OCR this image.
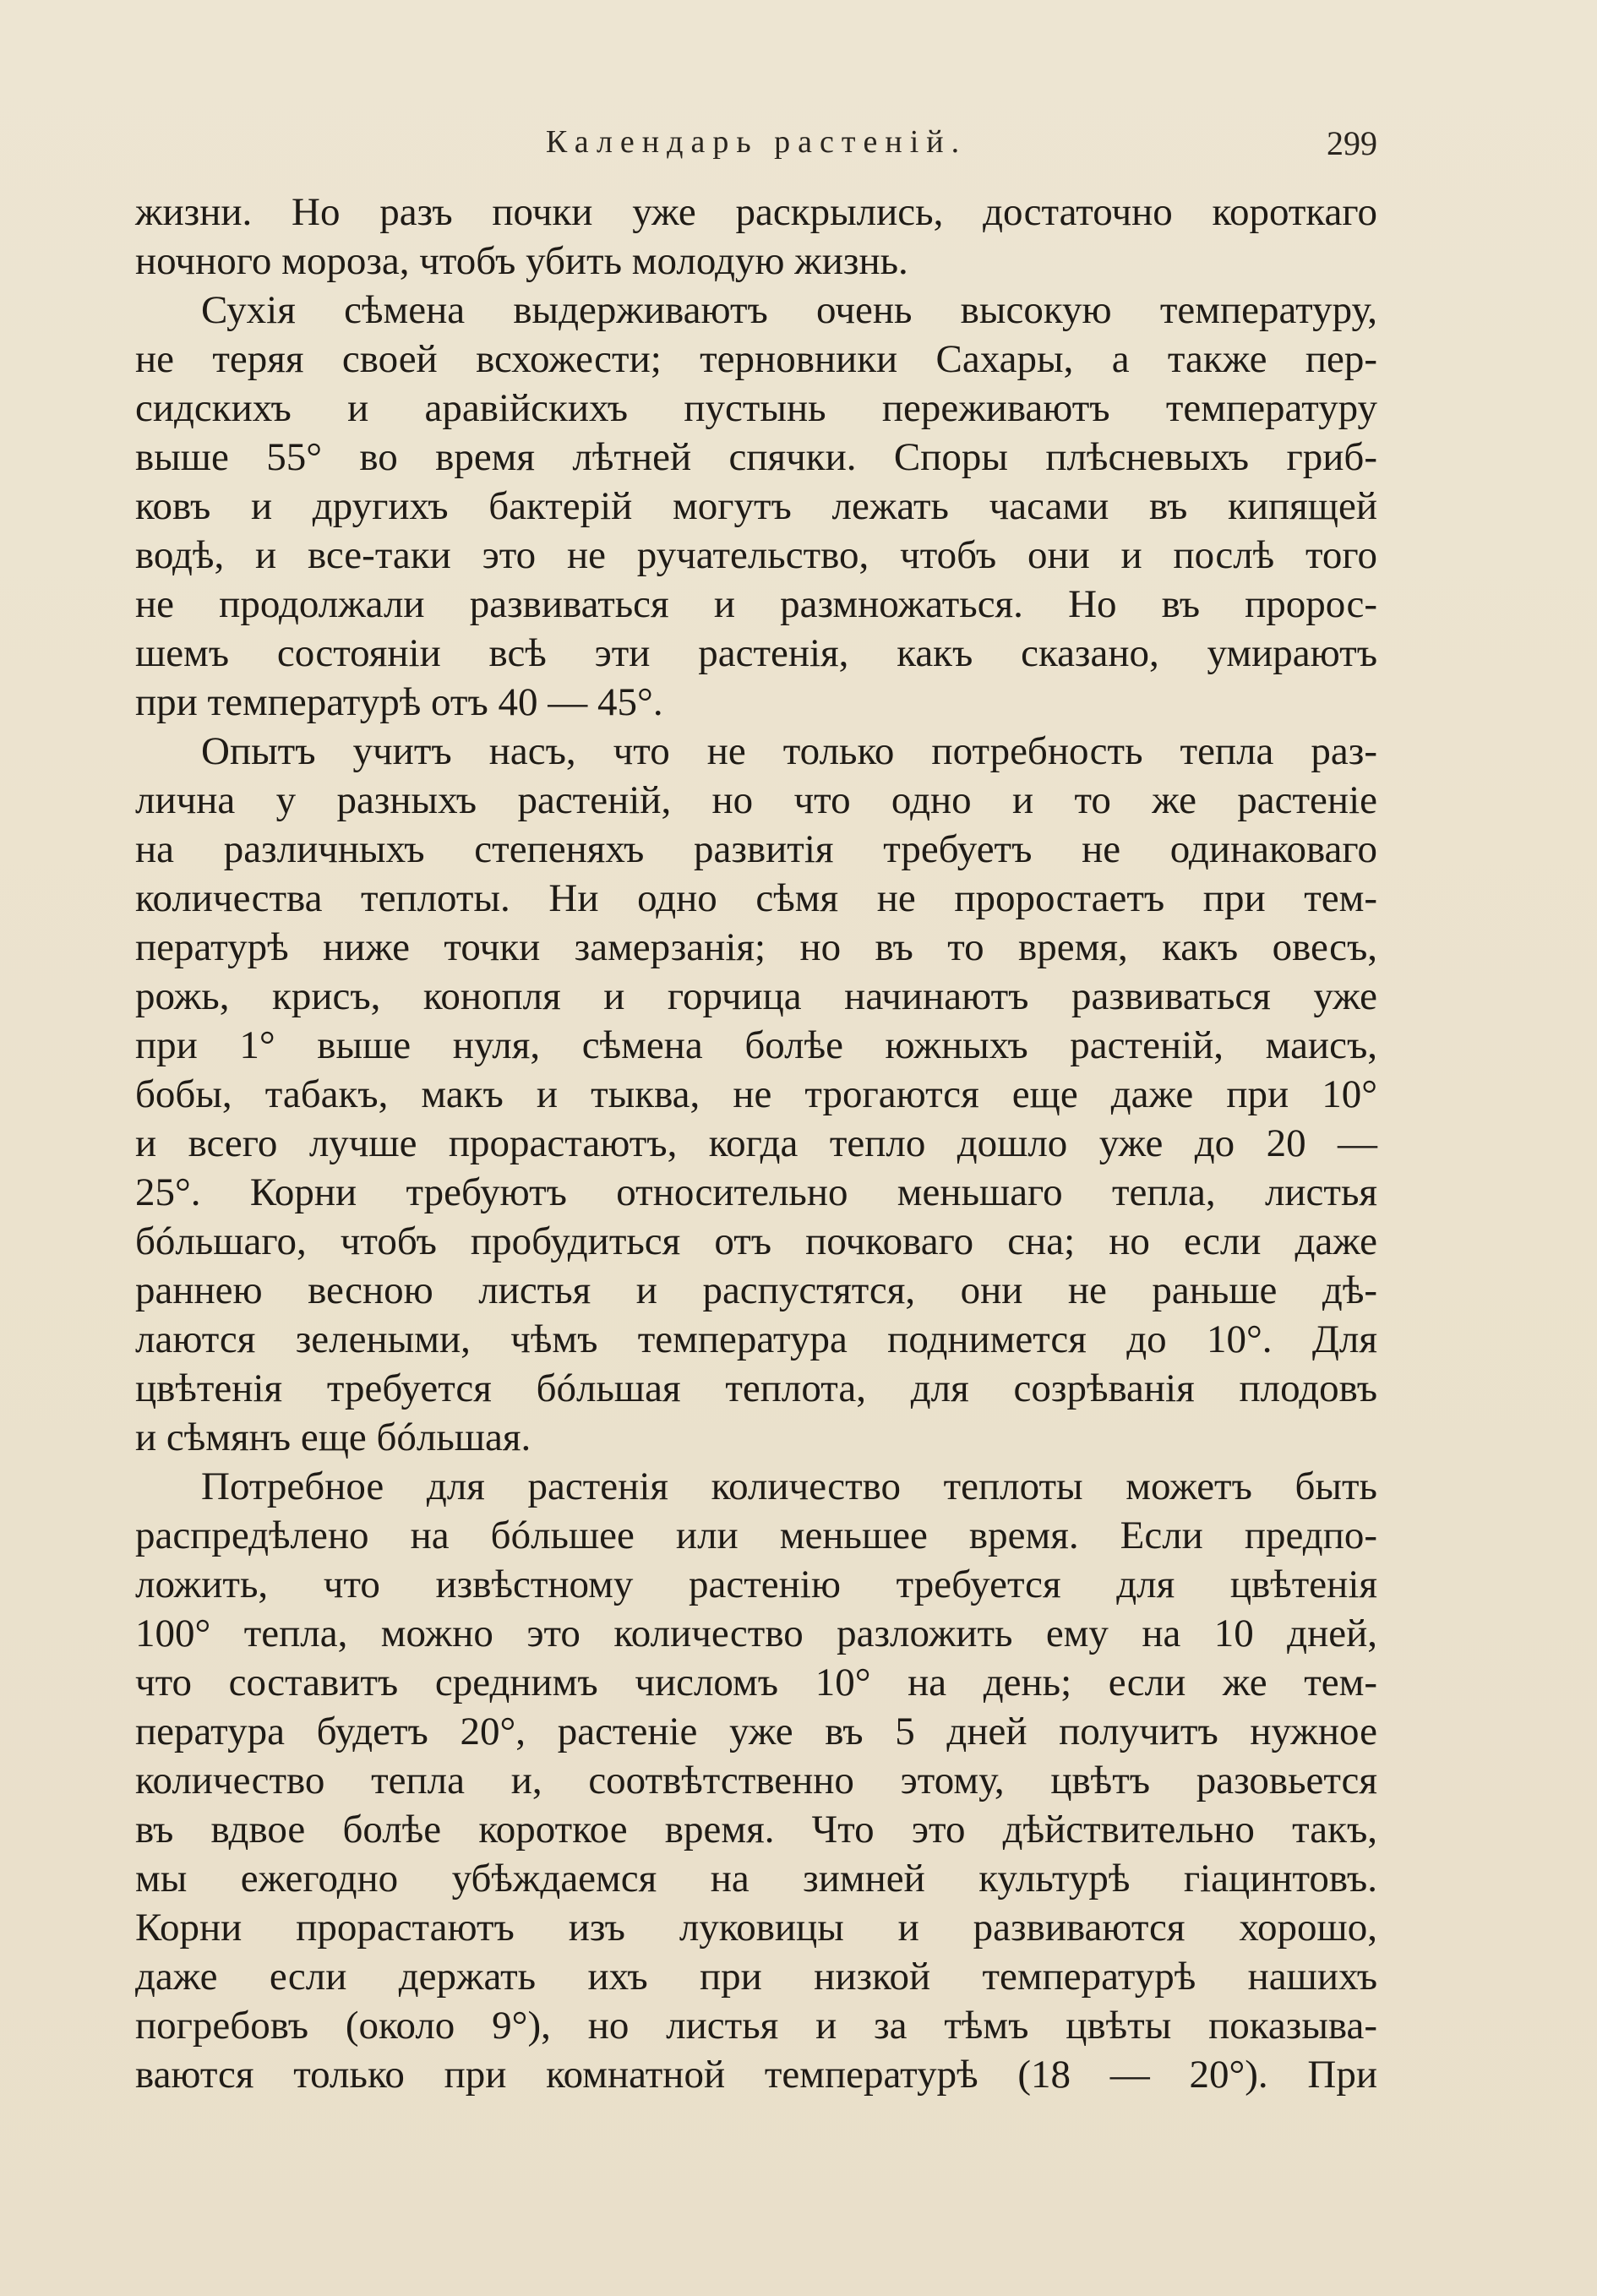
Календарь растеній.	299
жизни. Но разъ почки уже раскрылись, достаточно короткаго
ночного мороза, чтобъ убить молодую жизнь.
Сухія сѣмена выдерживаютъ очень высокую температуру,
не теряя своей всхожести; терновники Сахары, а также пер-
сидскихъ и аравійскихъ пустынь переживаютъ температуру
выше 55° во время лѣтней спячки. Споры плѣсневыхъ гриб-
ковъ и другихъ бактерій могутъ лежать часами въ кипящей
водѣ, и все-таки это не ручательство, чтобъ они и послѣ того
не продолжали развиваться и размножаться. Но въ пророс-
шемъ состояніи всѣ эти растенія, какъ сказано, умираютъ
при температурѣ отъ 40 — 45°.
Опытъ учитъ насъ, что не только потребность тепла раз-
лична у разныхъ растеній, но что одно и то же растеніе
на различныхъ степеняхъ развитія требуетъ не одинаковаго
количества теплоты. Ни одно сѣмя не проростаетъ при тем-
пературѣ ниже точки замерзанія; но въ то время, какъ овесъ,
рожь, криcъ, конопля и горчица начинаютъ развиваться уже
при 1° выше нуля, сѣмена болѣе южныхъ растеній, маисъ,
бобы, табакъ, макъ и тыква, не трогаются еще даже при 10°
и всего лучше прорастаютъ, когда тепло дошло уже до 20 —
25°. Корни требуютъ относительно меньшаго тепла, листья
бóльшаго, чтобъ пробудиться отъ почковаго сна; но если даже
раннею весною листья и распустятся, они не раньше дѣ-
лаются зелеными, чѣмъ температура поднимется до 10°. Для
цвѣтенія требуется бóльшая теплота, для созрѣванія плодовъ
и сѣмянъ еще бóльшая.
Потребное для растенія количество теплоты можетъ быть
распредѣлено на бóльшее или меньшее время. Если предпо-
ложить, что извѣстному растенію требуется для цвѣтенія
100° тепла, можно это количество разложить ему на 10 дней,
что составитъ среднимъ числомъ 10° на день; если же тем-
пература будетъ 20°, растеніе уже въ 5 дней получитъ нужное
количество тепла и, соотвѣтственно этому, цвѣтъ разовьется
въ вдвое болѣе короткое время. Что это дѣйствительно такъ,
мы ежегодно убѣждаемся на зимней культурѣ гіацинтовъ.
Корни прорастаютъ изъ луковицы и развиваются хорошо,
даже если держать ихъ при низкой температурѣ нашихъ
погребовъ (около 9°), но листья и за тѣмъ цвѣты показыва-
ваются только при комнатной температурѣ (18 — 20°). При
